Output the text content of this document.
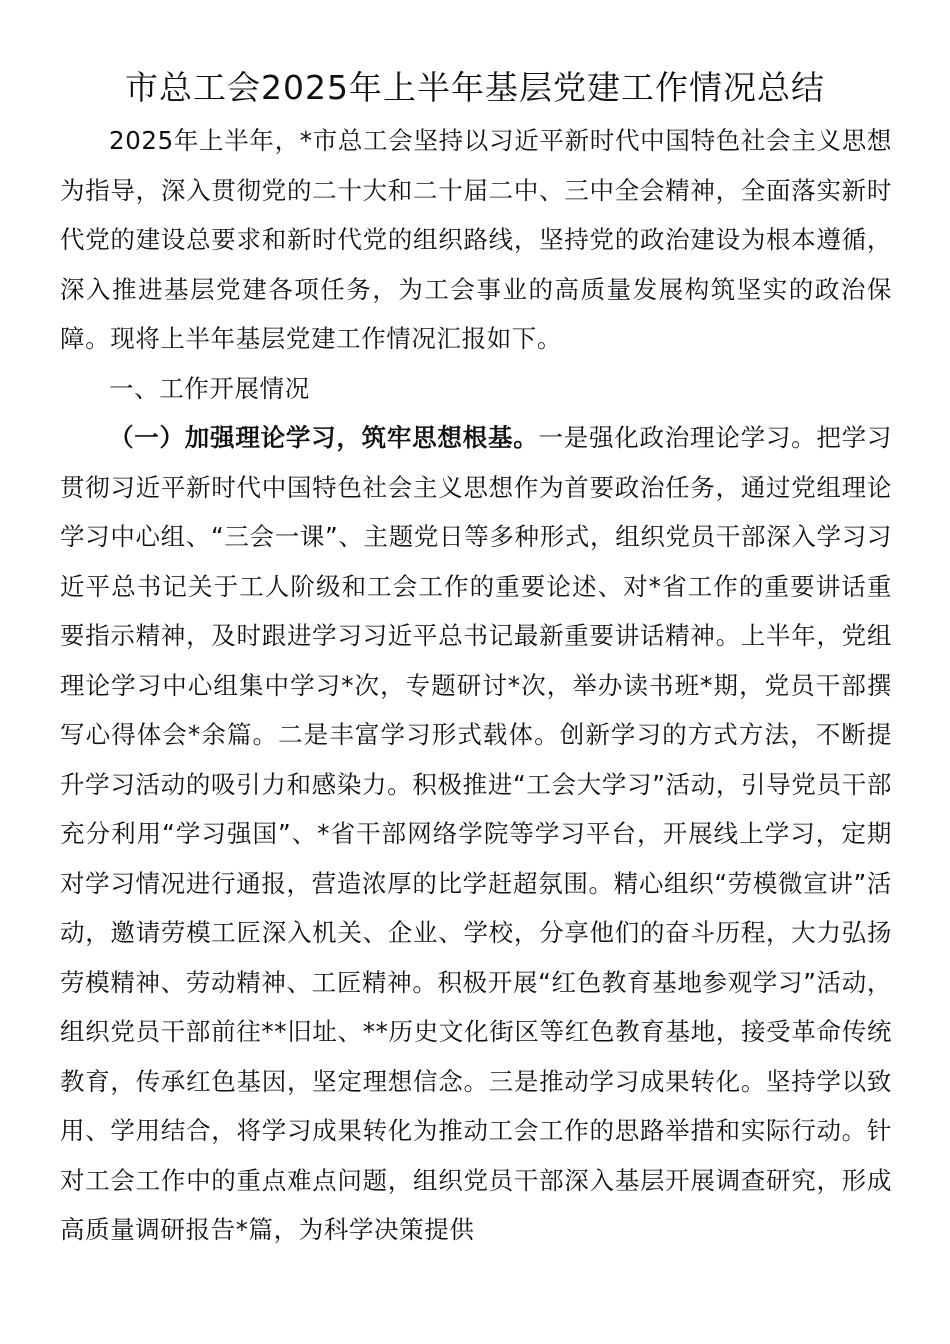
市总工会2025年上半年基层党建工作情况总结

2025年上半年，*市总工会坚持以习近平新时代中国特色社会主义思想为指导，深入贯彻党的二十大和二十届二中、三中全会精神，全面落实新时代党的建设总要求和新时代党的组织路线，坚持党的政治建设为根本遵循，深入推进基层党建各项任务，为工会事业的高质量发展构筑坚实的政治保障。现将上半年基层党建工作情况汇报如下。

一、工作开展情况

（一）加强理论学习，筑牢思想根基。一是强化政治理论学习。把学习贯彻习近平新时代中国特色社会主义思想作为首要政治任务，通过党组理论学习中心组、“三会一课”、主题党日等多种形式，组织党员干部深入学习习近平总书记关于工人阶级和工会工作的重要论述、对*省工作的重要讲话重要指示精神，及时跟进学习习近平总书记最新重要讲话精神。上半年，党组理论学习中心组集中学习*次，专题研讨*次，举办读书班*期，党员干部撰写心得体会*余篇。二是丰富学习形式载体。创新学习的方式方法，不断提升学习活动的吸引力和感染力。积极推进“工会大学习”活动，引导党员干部充分利用“学习强国”、*省干部网络学院等学习平台，开展线上学习，定期对学习情况进行通报，营造浓厚的比学赶超氛围。精心组织“劳模微宣讲”活动，邀请劳模工匠深入机关、企业、学校，分享他们的奋斗历程，大力弘扬劳模精神、劳动精神、工匠精神。积极开展“红色教育基地参观学习”活动，组织党员干部前往**旧址、**历史文化街区等红色教育基地，接受革命传统教育，传承红色基因，坚定理想信念。三是推动学习成果转化。坚持学以致用、学用结合，将学习成果转化为推动工会工作的思路举措和实际行动。针对工会工作中的重点难点问题，组织党员干部深入基层开展调查研究，形成高质量调研报告*篇，为科学决策提供
